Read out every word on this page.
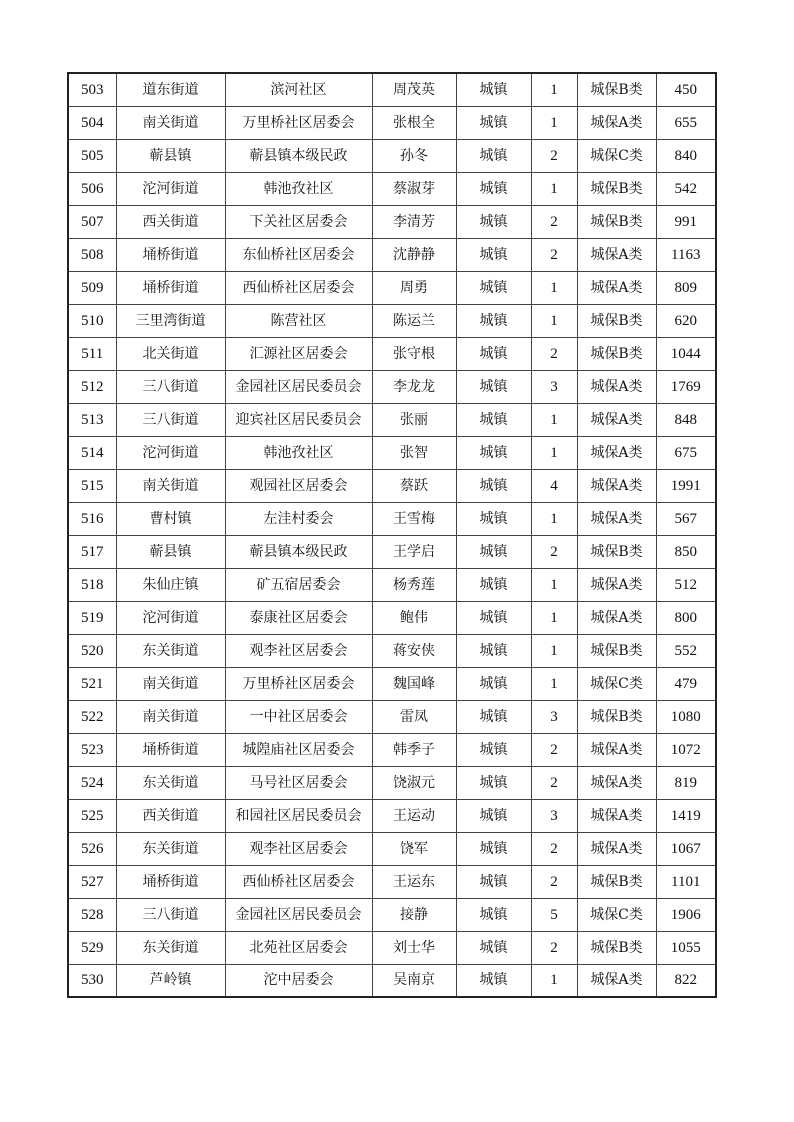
503	道东街道	滨河社区	周茂英	城镇	1	城保B类	450
504	南关街道	万里桥社区居委会	张根全	城镇	1	城保A类	655
505	蕲县镇	蕲县镇本级民政	孙冬	城镇	2	城保C类	840
506	沱河街道	韩池孜社区	蔡淑芽	城镇	1	城保B类	542
507	西关街道	下关社区居委会	李清芳	城镇	2	城保B类	991
508	埇桥街道	东仙桥社区居委会	沈静静	城镇	2	城保A类	1163
509	埇桥街道	西仙桥社区居委会	周勇	城镇	1	城保A类	809
510	三里湾街道	陈营社区	陈运兰	城镇	1	城保B类	620
511	北关街道	汇源社区居委会	张守根	城镇	2	城保B类	1044
512	三八街道	金园社区居民委员会	李龙龙	城镇	3	城保A类	1769
513	三八街道	迎宾社区居民委员会	张丽	城镇	1	城保A类	848
514	沱河街道	韩池孜社区	张智	城镇	1	城保A类	675
515	南关街道	观园社区居委会	蔡跃	城镇	4	城保A类	1991
516	曹村镇	左洼村委会	王雪梅	城镇	1	城保A类	567
517	蕲县镇	蕲县镇本级民政	王学启	城镇	2	城保B类	850
518	朱仙庄镇	矿五宿居委会	杨秀莲	城镇	1	城保A类	512
519	沱河街道	泰康社区居委会	鲍伟	城镇	1	城保A类	800
520	东关街道	观李社区居委会	蒋安侠	城镇	1	城保B类	552
521	南关街道	万里桥社区居委会	魏国峰	城镇	1	城保C类	479
522	南关街道	一中社区居委会	雷凤	城镇	3	城保B类	1080
523	埇桥街道	城隍庙社区居委会	韩季子	城镇	2	城保A类	1072
524	东关街道	马号社区居委会	饶淑元	城镇	2	城保A类	819
525	西关街道	和园社区居民委员会	王运动	城镇	3	城保A类	1419
526	东关街道	观李社区居委会	饶军	城镇	2	城保A类	1067
527	埇桥街道	西仙桥社区居委会	王运东	城镇	2	城保B类	1101
528	三八街道	金园社区居民委员会	接静	城镇	5	城保C类	1906
529	东关街道	北苑社区居委会	刘士华	城镇	2	城保B类	1055
530	芦岭镇	沱中居委会	吴南京	城镇	1	城保A类	822
